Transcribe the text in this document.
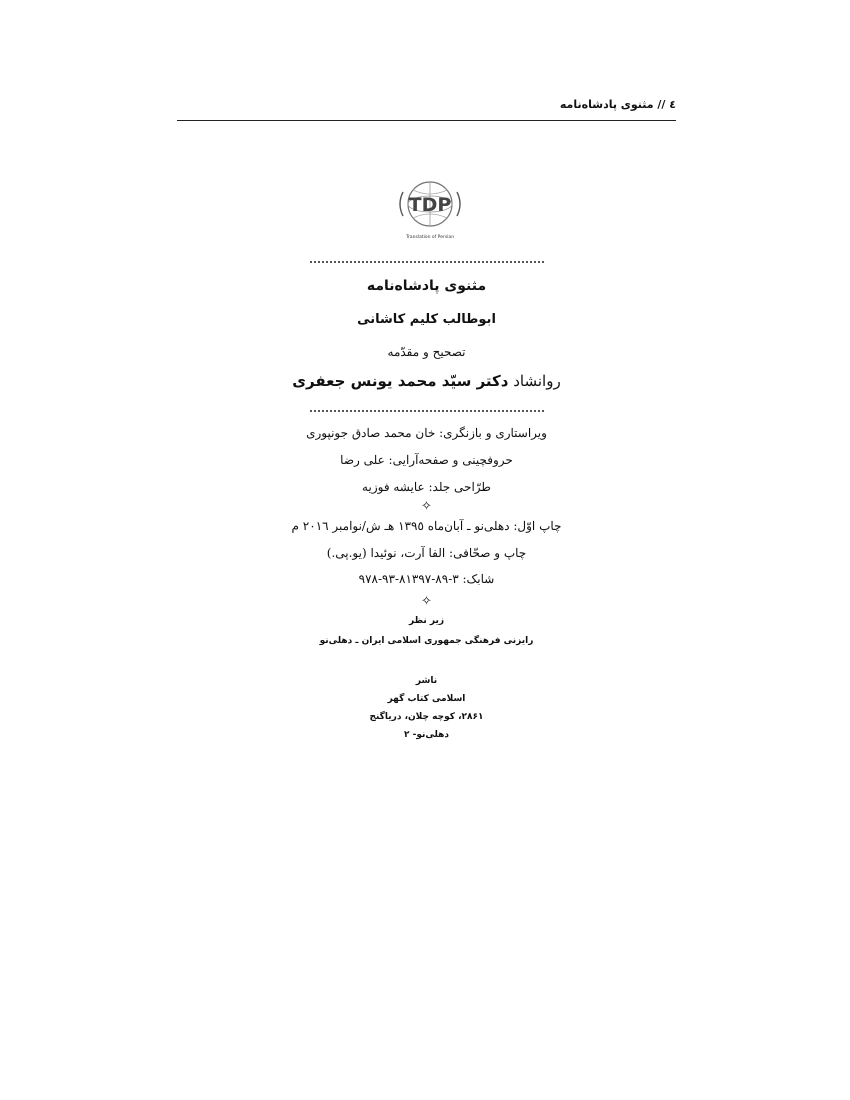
٤ // مثنوی پادشاه‌نامه
TDP
Translation of Persian
مثنوی پادشاه‌نامه
ابوطالب کلیم کاشانی
تصحیح و مقدّمه
روانشاد دکتر سیّد محمد یونس جعفری
ویراستاری و بازنگری: خان محمد صادق جونپوری
حروفچینی و صفحه‌آرایی: علی رضا
طرّاحی جلد: عایشه فوزیه
✧
چاپ اوّل: دهلی‌نو ـ آبان‌ماه ١٣٩٥ هـ ش/نوامبر ٢٠١٦ م
چاپ و صحّافی: الفا آرت، نوئیدا (یو.پی.)
شابک: ٣-٨٩-٨١٣٩٧-٩٣-٩٧٨
✧
زیر نظر
رایزنی فرهنگی جمهوری اسلامی ایران ـ دهلی‌نو
ناشر
اسلامی کتاب گهر
۲۸۶۱، کوچه چلان، دریاگنج
دهلی‌نو- ۲
